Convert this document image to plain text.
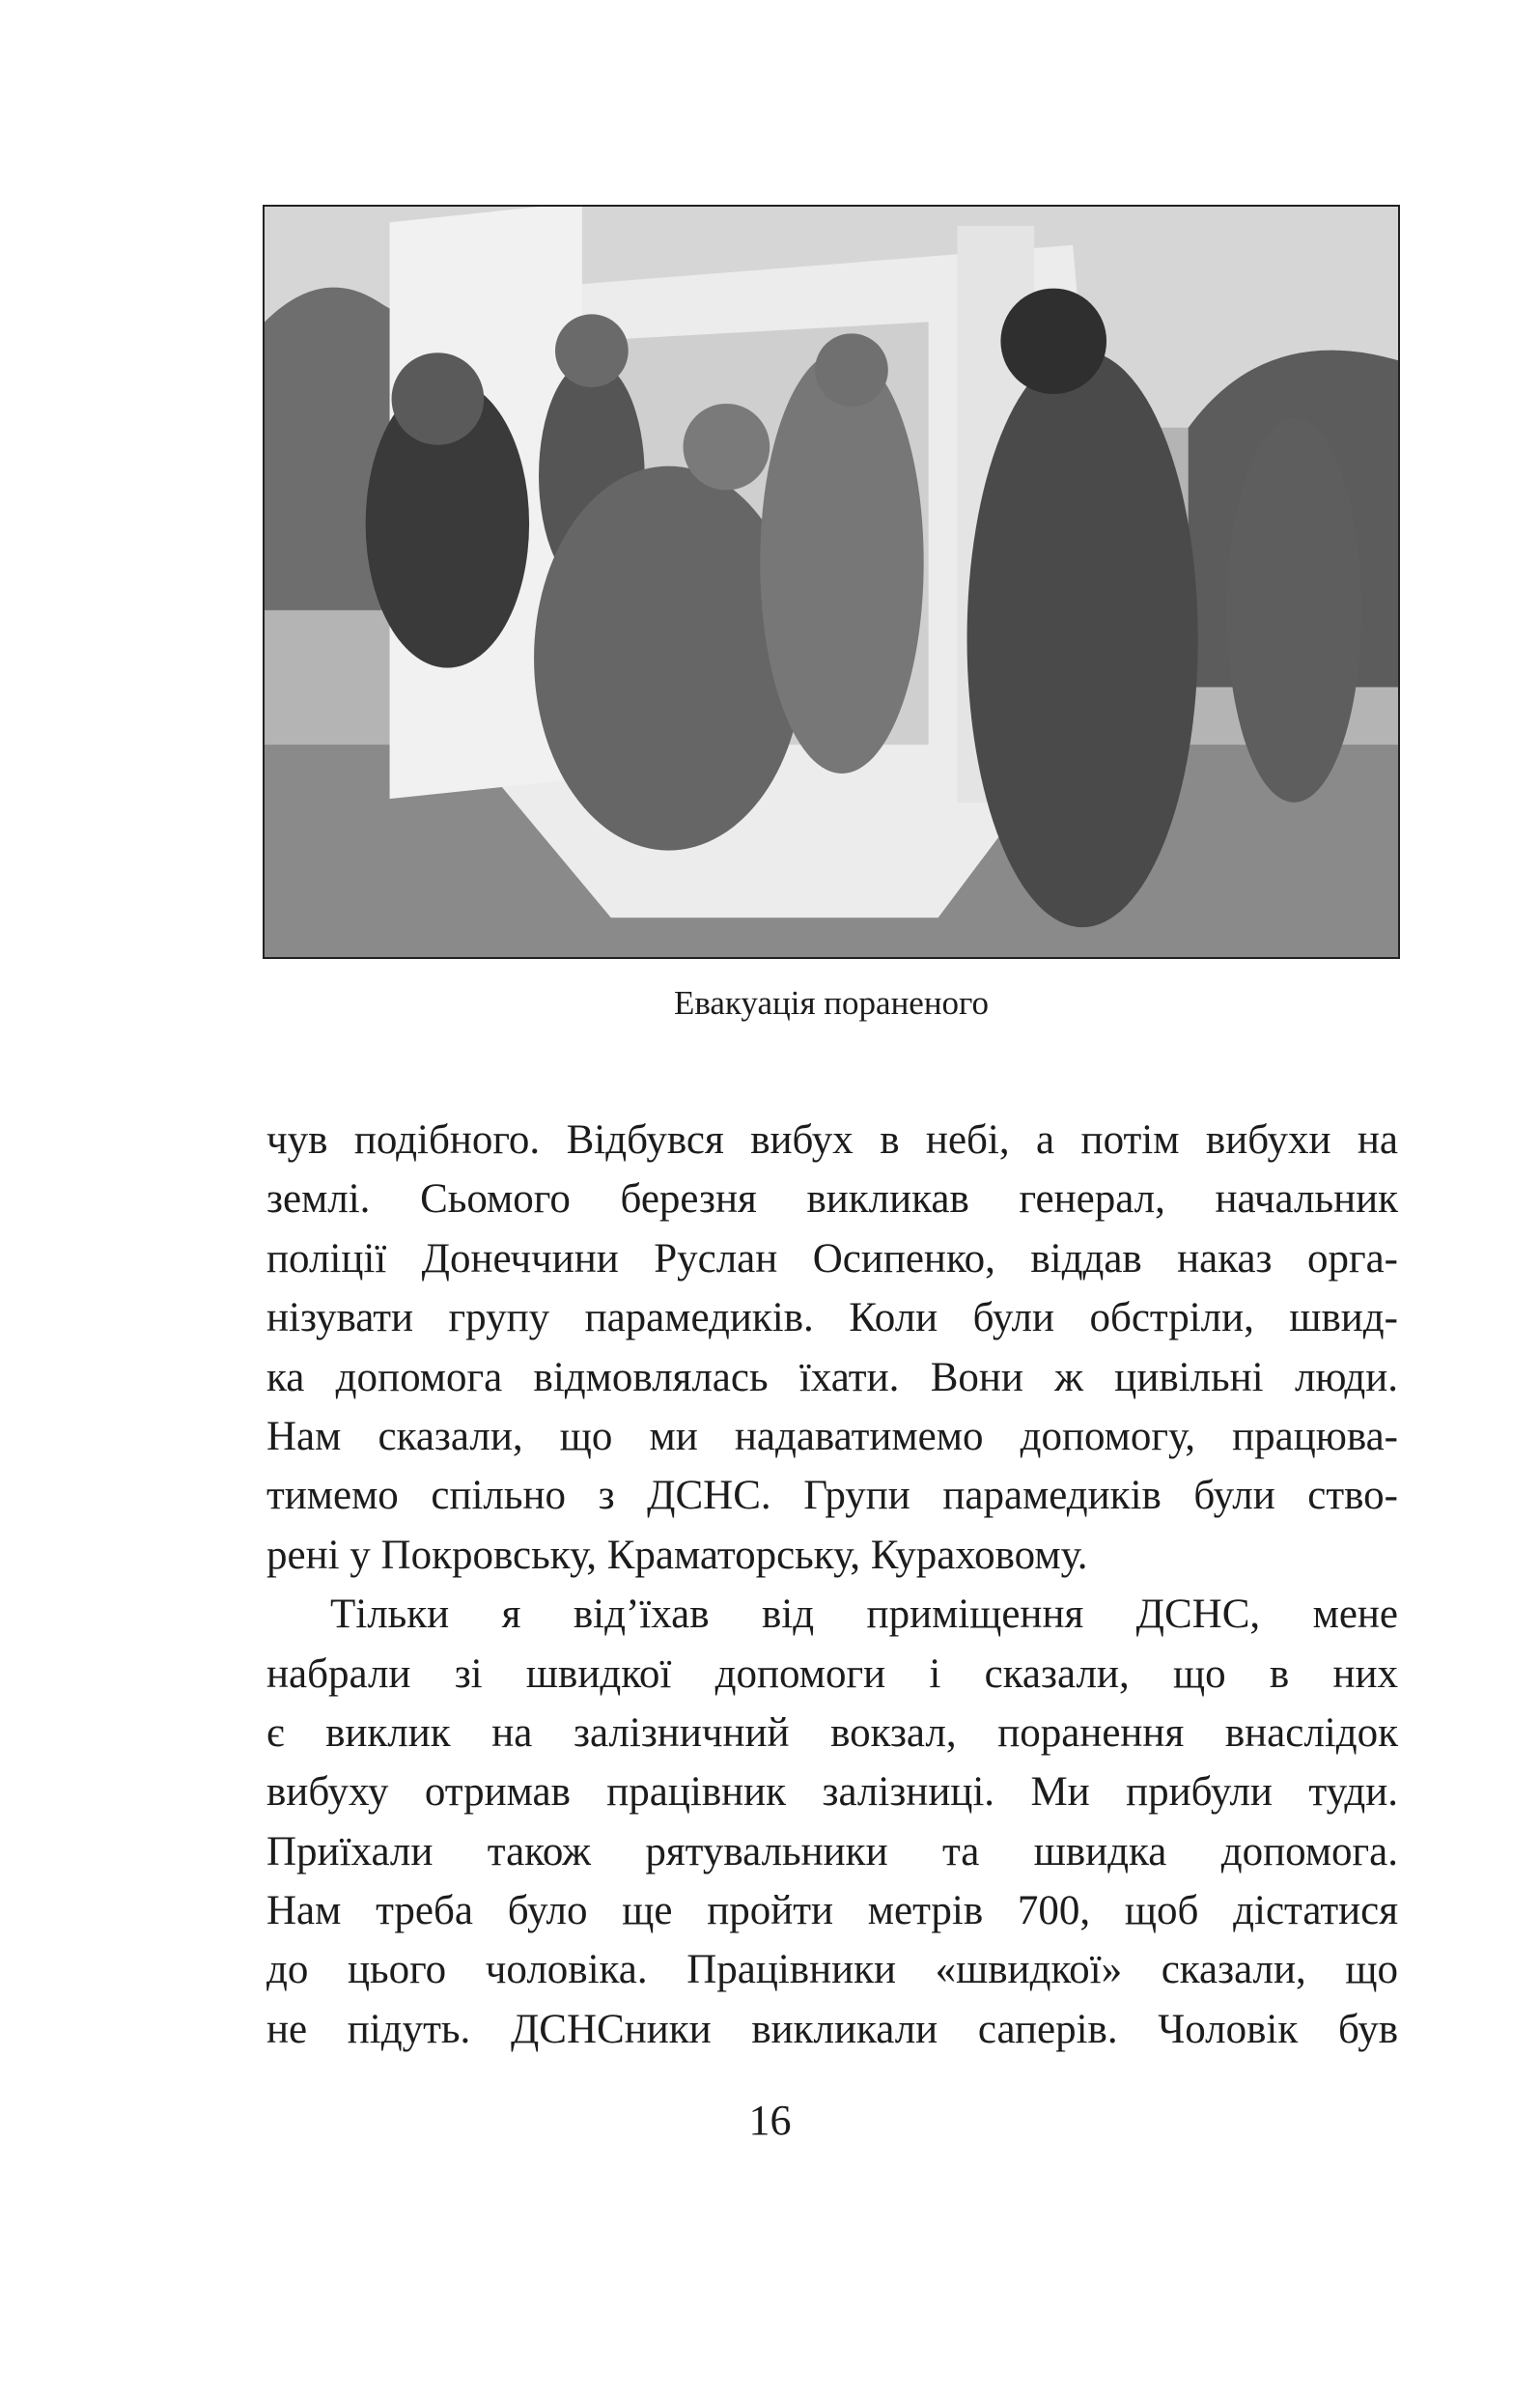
Евакуація пораненого
чув подібного. Відбувся вибух в небі, а потім вибухи на
землі. Сьомого березня викликав генерал, начальник
поліції Донеччини Руслан Осипенко, віддав наказ орга-
нізувати групу парамедиків. Коли були обстріли, швид-
ка допомога відмовлялась їхати. Вони ж цивільні люди.
Нам сказали, що ми надаватимемо допомогу, працюва-
тимемо спільно з ДСНС. Групи парамедиків були ство-
рені у Покровську, Краматорську, Кураховому.
Тільки я від’їхав від приміщення ДСНС, мене
набрали зі швидкої допомоги і сказали, що в них
є виклик на залізничний вокзал, поранення внаслідок
вибуху отримав працівник залізниці. Ми прибули туди.
Приїхали також рятувальники та швидка допомога.
Нам треба було ще пройти метрів 700, щоб дістатися
до цього чоловіка. Працівники «швидкої» сказали, що
не підуть. ДСНСники викликали саперів. Чоловік був
16
